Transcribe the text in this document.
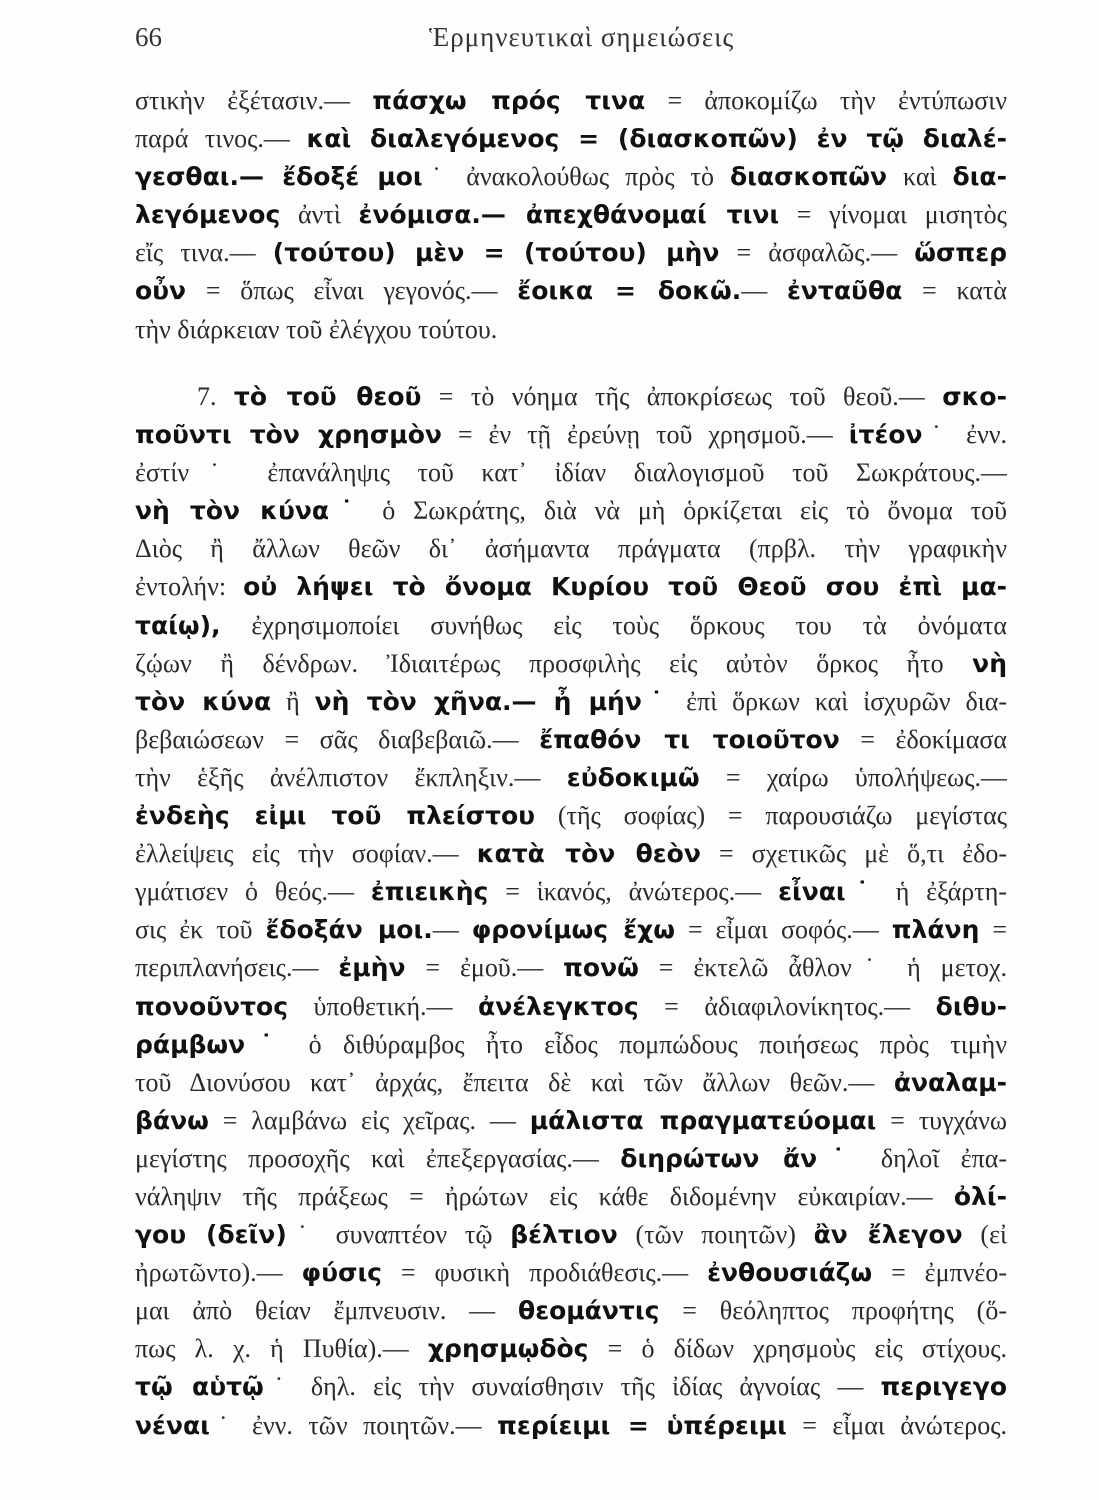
66	Ἑρμηνευτικαὶ σημειώσεις
στικὴν ἐξέτασιν.— πάσχω πρός τινα = ἀποκομίζω τὴν ἐντύπωσιν
παρά τινος.— καὶ διαλεγόμενος = (διασκοπῶν) ἐν τῷ διαλέ-
γεσθαι.— ἔδοξέ μοι˙ ἀνακολούθως πρὸς τὸ διασκοπῶν καὶ δια-
λεγόμενος ἀντὶ ἐνόμισα.— ἀπεχθάνομαί τινι = γίνομαι μισητὸς
εἴς τινα.— (τούτου) μὲν = (τούτου) μὴν = ἀσφαλῶς.— ὥσπερ
οὖν = ὅπως εἶναι γεγονός.— ἔοικα = δοκῶ.— ἐνταῦθα = κατὰ
τὴν διάρκειαν τοῦ ἐλέγχου τούτου.
7. τὸ τοῦ θεοῦ = τὸ νόημα τῆς ἀποκρίσεως τοῦ θεοῦ.— σκο-
ποῦντι τὸν χρησμὸν = ἐν τῇ ἐρεύνῃ τοῦ χρησμοῦ.— ἰτέον˙ ἐνν.
ἐστίν˙ ἐπανάληψις τοῦ κατ᾿ ἰδίαν διαλογισμοῦ τοῦ Σωκράτους.—
νὴ τὸν κύνα˙ ὁ Σωκράτης, διὰ νὰ μὴ ὁρκίζεται εἰς τὸ ὄνομα τοῦ
Διὸς ἢ ἄλλων θεῶν δι᾿ ἀσήμαντα πράγματα (πρβλ. τὴν γραφικὴν
ἐντολήν: οὐ λήψει τὸ ὄνομα Κυρίου τοῦ Θεοῦ σου ἐπὶ μα-
ταίῳ), ἐχρησιμοποίει συνήθως εἰς τοὺς ὅρκους του τὰ ὀνόματα
ζῴων ἢ δένδρων. Ἰδιαιτέρως προσφιλὴς εἰς αὐτὸν ὅρκος ἦτο νὴ
τὸν κύνα ἢ νὴ τὸν χῆνα.— ἦ μήν˙ ἐπὶ ὅρκων καὶ ἰσχυρῶν δια-
βεβαιώσεων = σᾶς διαβεβαιῶ.— ἔπαθόν τι τοιοῦτον = ἐδοκίμασα
τὴν ἑξῆς ἀνέλπιστον ἔκπληξιν.— εὐδοκιμῶ = χαίρω ὑπολήψεως.—
ἐνδεὴς εἰμι τοῦ πλείστου (τῆς σοφίας) = παρουσιάζω μεγίστας
ἐλλείψεις εἰς τὴν σοφίαν.— κατὰ τὸν θεὸν = σχετικῶς μὲ ὅ,τι ἐδο-
γμάτισεν ὁ θεός.— ἐπιεικὴς = ἱκανός, ἀνώτερος.— εἶναι˙ ἡ ἐξάρτη-
σις ἐκ τοῦ ἔδοξάν μοι.— φρονίμως ἔχω = εἶμαι σοφός.— πλάνη =
περιπλανήσεις.— ἐμὴν = ἐμοῦ.— πονῶ = ἐκτελῶ ἆθλον˙ ἡ μετοχ.
πονοῦντος ὑποθετική.— ἀνέλεγκτος = ἀδιαφιλονίκητος.— διθυ-
ράμβων˙ ὁ διθύραμβος ἦτο εἶδος πομπώδους ποιήσεως πρὸς τιμὴν
τοῦ Διονύσου κατ᾿ ἀρχάς, ἔπειτα δὲ καὶ τῶν ἄλλων θεῶν.— ἀναλαμ-
βάνω = λαμβάνω εἰς χεῖρας. — μάλιστα πραγματεύομαι = τυγχάνω
μεγίστης προσοχῆς καὶ ἐπεξεργασίας.— διηρώτων ἄν˙ δηλοῖ ἐπα-
νάληψιν τῆς πράξεως = ἠρώτων εἰς κάθε διδομένην εὐκαιρίαν.— ὀλί-
γου (δεῖν)˙ συναπτέον τῷ βέλτιον (τῶν ποιητῶν) ἂν ἔλεγον (εἰ
ἠρωτῶντο).— φύσις = φυσικὴ προδιάθεσις.— ἐνθουσιάζω = ἐμπνέο-
μαι ἀπὸ θείαν ἔμπνευσιν. — θεομάντις = θεόληπτος προφήτης (ὅ-
πως λ. χ. ἡ Πυθία).— χρησμῳδὸς = ὁ δίδων χρησμοὺς εἰς στίχους.
τῷ αὑτῷ˙ δηλ. εἰς τὴν συναίσθησιν τῆς ἰδίας ἀγνοίας — περιγεγο
νέναι˙ ἐνν. τῶν ποιητῶν.— περίειμι = ὑπέρειμι = εἶμαι ἀνώτερος.
